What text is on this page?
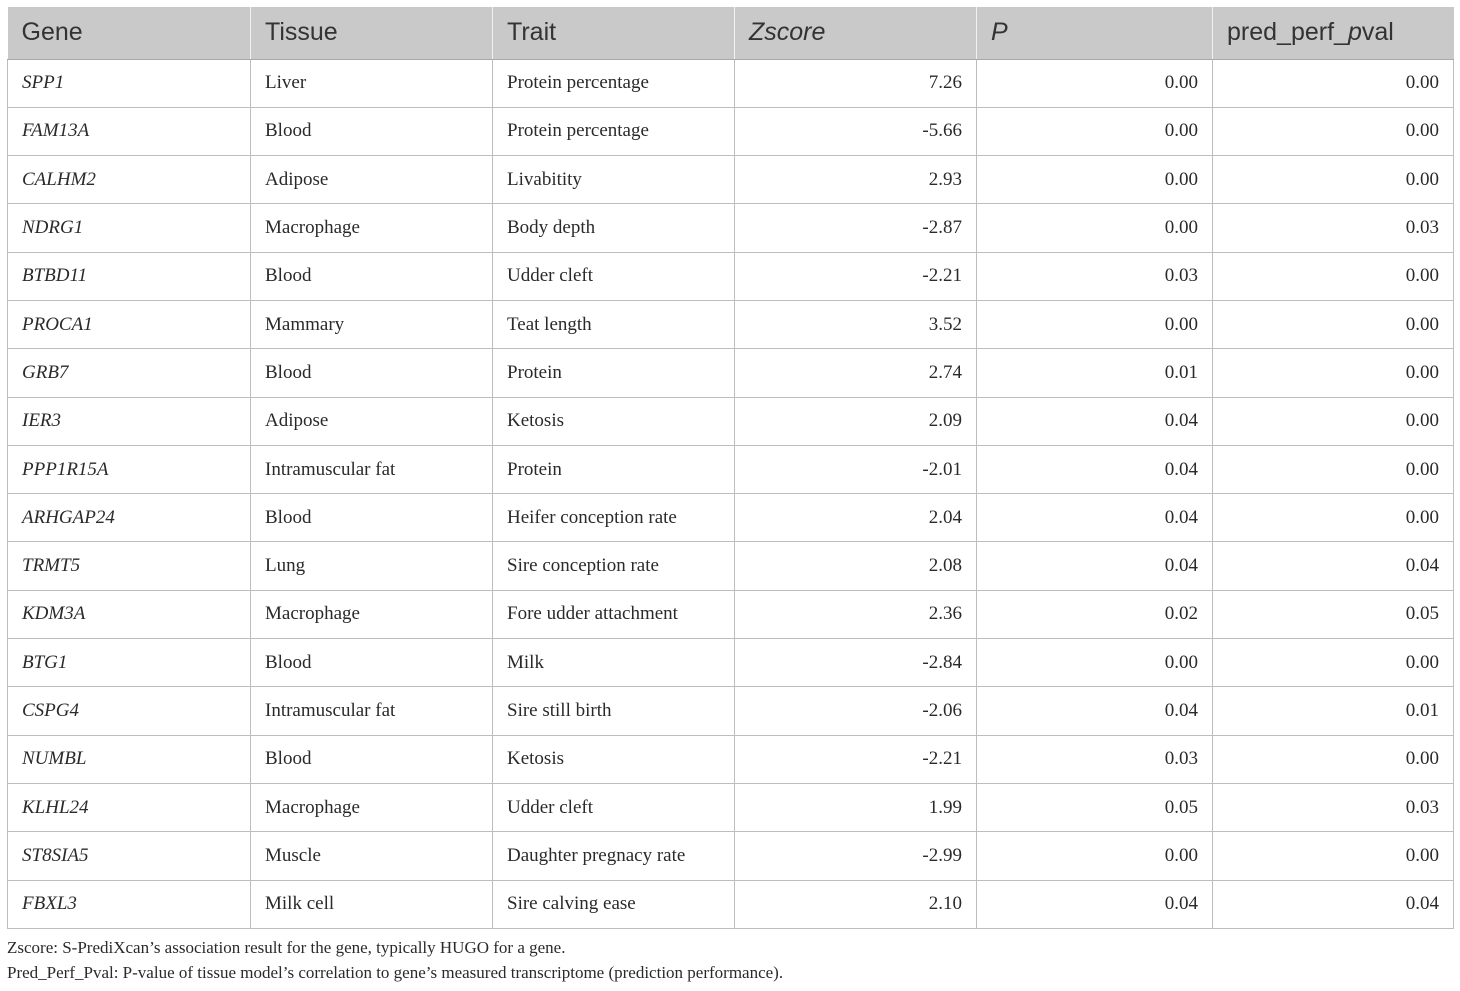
Gene	Tissue	Trait	Zscore	P	pred_perf_pval
SPP1	Liver	Protein percentage	7.26	0.00	0.00
FAM13A	Blood	Protein percentage	-5.66	0.00	0.00
CALHM2	Adipose	Livabitity	2.93	0.00	0.00
NDRG1	Macrophage	Body depth	-2.87	0.00	0.03
BTBD11	Blood	Udder cleft	-2.21	0.03	0.00
PROCA1	Mammary	Teat length	3.52	0.00	0.00
GRB7	Blood	Protein	2.74	0.01	0.00
IER3	Adipose	Ketosis	2.09	0.04	0.00
PPP1R15A	Intramuscular fat	Protein	-2.01	0.04	0.00
ARHGAP24	Blood	Heifer conception rate	2.04	0.04	0.00
TRMT5	Lung	Sire conception rate	2.08	0.04	0.04
KDM3A	Macrophage	Fore udder attachment	2.36	0.02	0.05
BTG1	Blood	Milk	-2.84	0.00	0.00
CSPG4	Intramuscular fat	Sire still birth	-2.06	0.04	0.01
NUMBL	Blood	Ketosis	-2.21	0.03	0.00
KLHL24	Macrophage	Udder cleft	1.99	0.05	0.03
ST8SIA5	Muscle	Daughter pregnacy rate	-2.99	0.00	0.00
FBXL3	Milk cell	Sire calving ease	2.10	0.04	0.04
Zscore: S-PrediXcan’s association result for the gene, typically HUGO for a gene.
Pred_Perf_Pval: P-value of tissue model’s correlation to gene’s measured transcriptome (prediction performance).
